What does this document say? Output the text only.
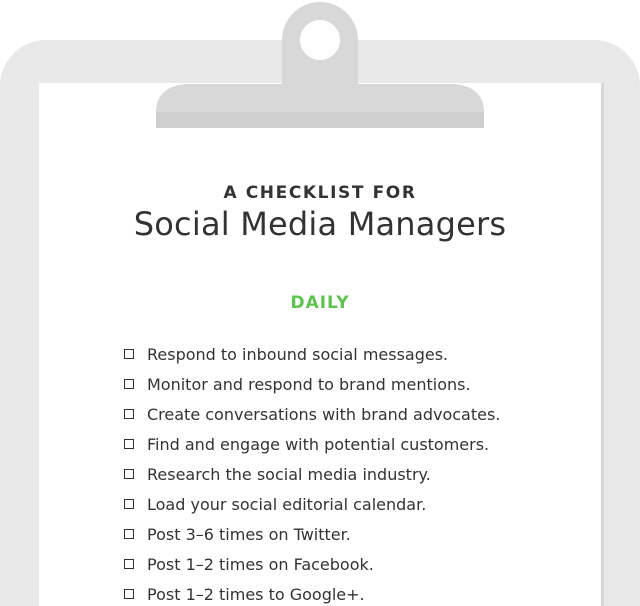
A CHECKLIST FOR
Social Media Managers
DAILY
Respond to inbound social messages.
Monitor and respond to brand mentions.
Create conversations with brand advocates.
Find and engage with potential customers.
Research the social media industry.
Load your social editorial calendar.
Post 3–6 times on Twitter.
Post 1–2 times on Facebook.
Post 1–2 times to Google+.
